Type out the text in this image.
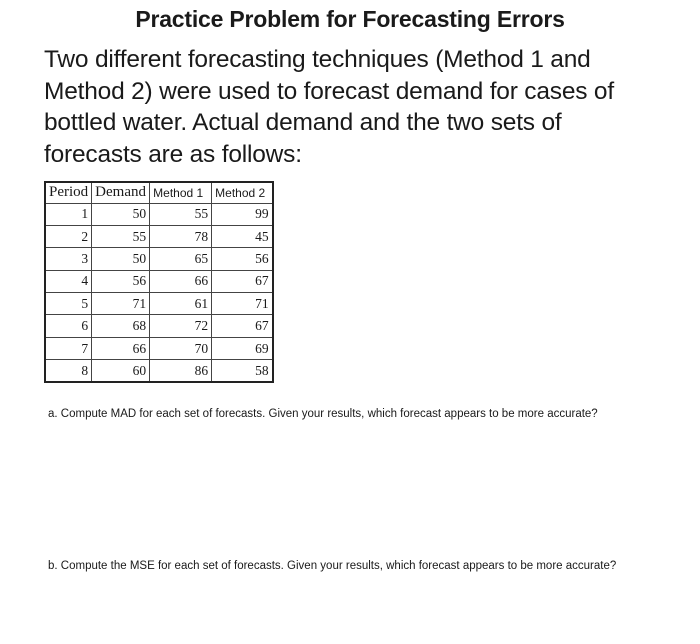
Practice Problem for Forecasting Errors
Two different forecasting techniques (Method 1 and Method 2) were used to forecast demand for cases of bottled water. Actual demand and the two sets of forecasts are as follows:
Period	Demand	Method 1	Method 2
1	50	55	99
2	55	78	45
3	50	65	56
4	56	66	67
5	71	61	71
6	68	72	67
7	66	70	69
8	60	86	58
a. Compute MAD for each set of forecasts. Given your results, which forecast appears to be more accurate?
b. Compute the MSE for each set of forecasts. Given your results, which forecast appears to be more accurate?
